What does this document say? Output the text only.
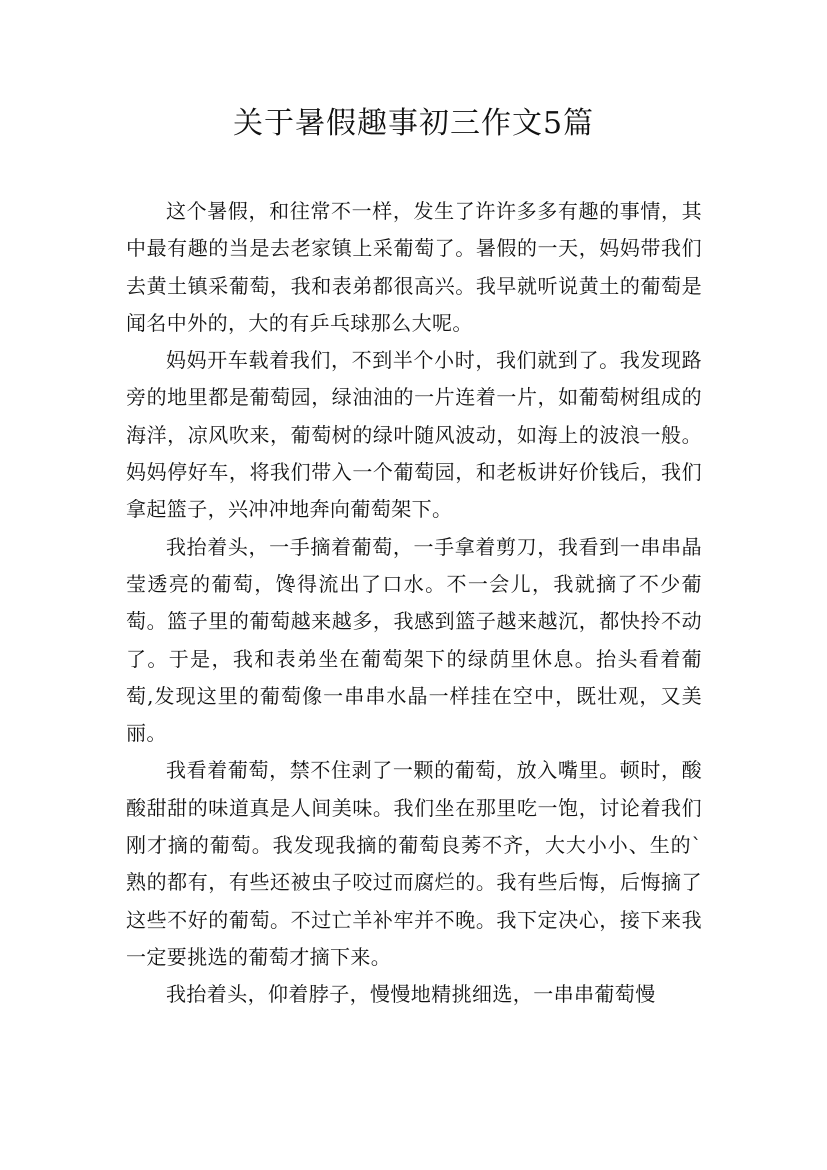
关于暑假趣事初三作文5篇

这个暑假，和往常不一样，发生了许许多多有趣的事情，其中最有趣的当是去老家镇上采葡萄了。暑假的一天，妈妈带我们去黄土镇采葡萄，我和表弟都很高兴。我早就听说黄土的葡萄是闻名中外的，大的有乒乓球那么大呢。

妈妈开车载着我们，不到半个小时，我们就到了。我发现路旁的地里都是葡萄园，绿油油的一片连着一片，如葡萄树组成的海洋，凉风吹来，葡萄树的绿叶随风波动，如海上的波浪一般。妈妈停好车，将我们带入一个葡萄园，和老板讲好价钱后，我们拿起篮子，兴冲冲地奔向葡萄架下。

我抬着头，一手摘着葡萄，一手拿着剪刀，我看到一串串晶莹透亮的葡萄，馋得流出了口水。不一会儿，我就摘了不少葡萄。篮子里的葡萄越来越多，我感到篮子越来越沉，都快拎不动了。于是，我和表弟坐在葡萄架下的绿荫里休息。抬头看着葡萄,发现这里的葡萄像一串串水晶一样挂在空中，既壮观，又美丽。

我看着葡萄，禁不住剥了一颗的葡萄，放入嘴里。顿时，酸酸甜甜的味道真是人间美味。我们坐在那里吃一饱，讨论着我们刚才摘的葡萄。我发现我摘的葡萄良莠不齐，大大小小、生的`熟的都有，有些还被虫子咬过而腐烂的。我有些后悔，后悔摘了这些不好的葡萄。不过亡羊补牢并不晚。我下定决心，接下来我一定要挑选的葡萄才摘下来。

我抬着头，仰着脖子，慢慢地精挑细选，一串串葡萄慢
